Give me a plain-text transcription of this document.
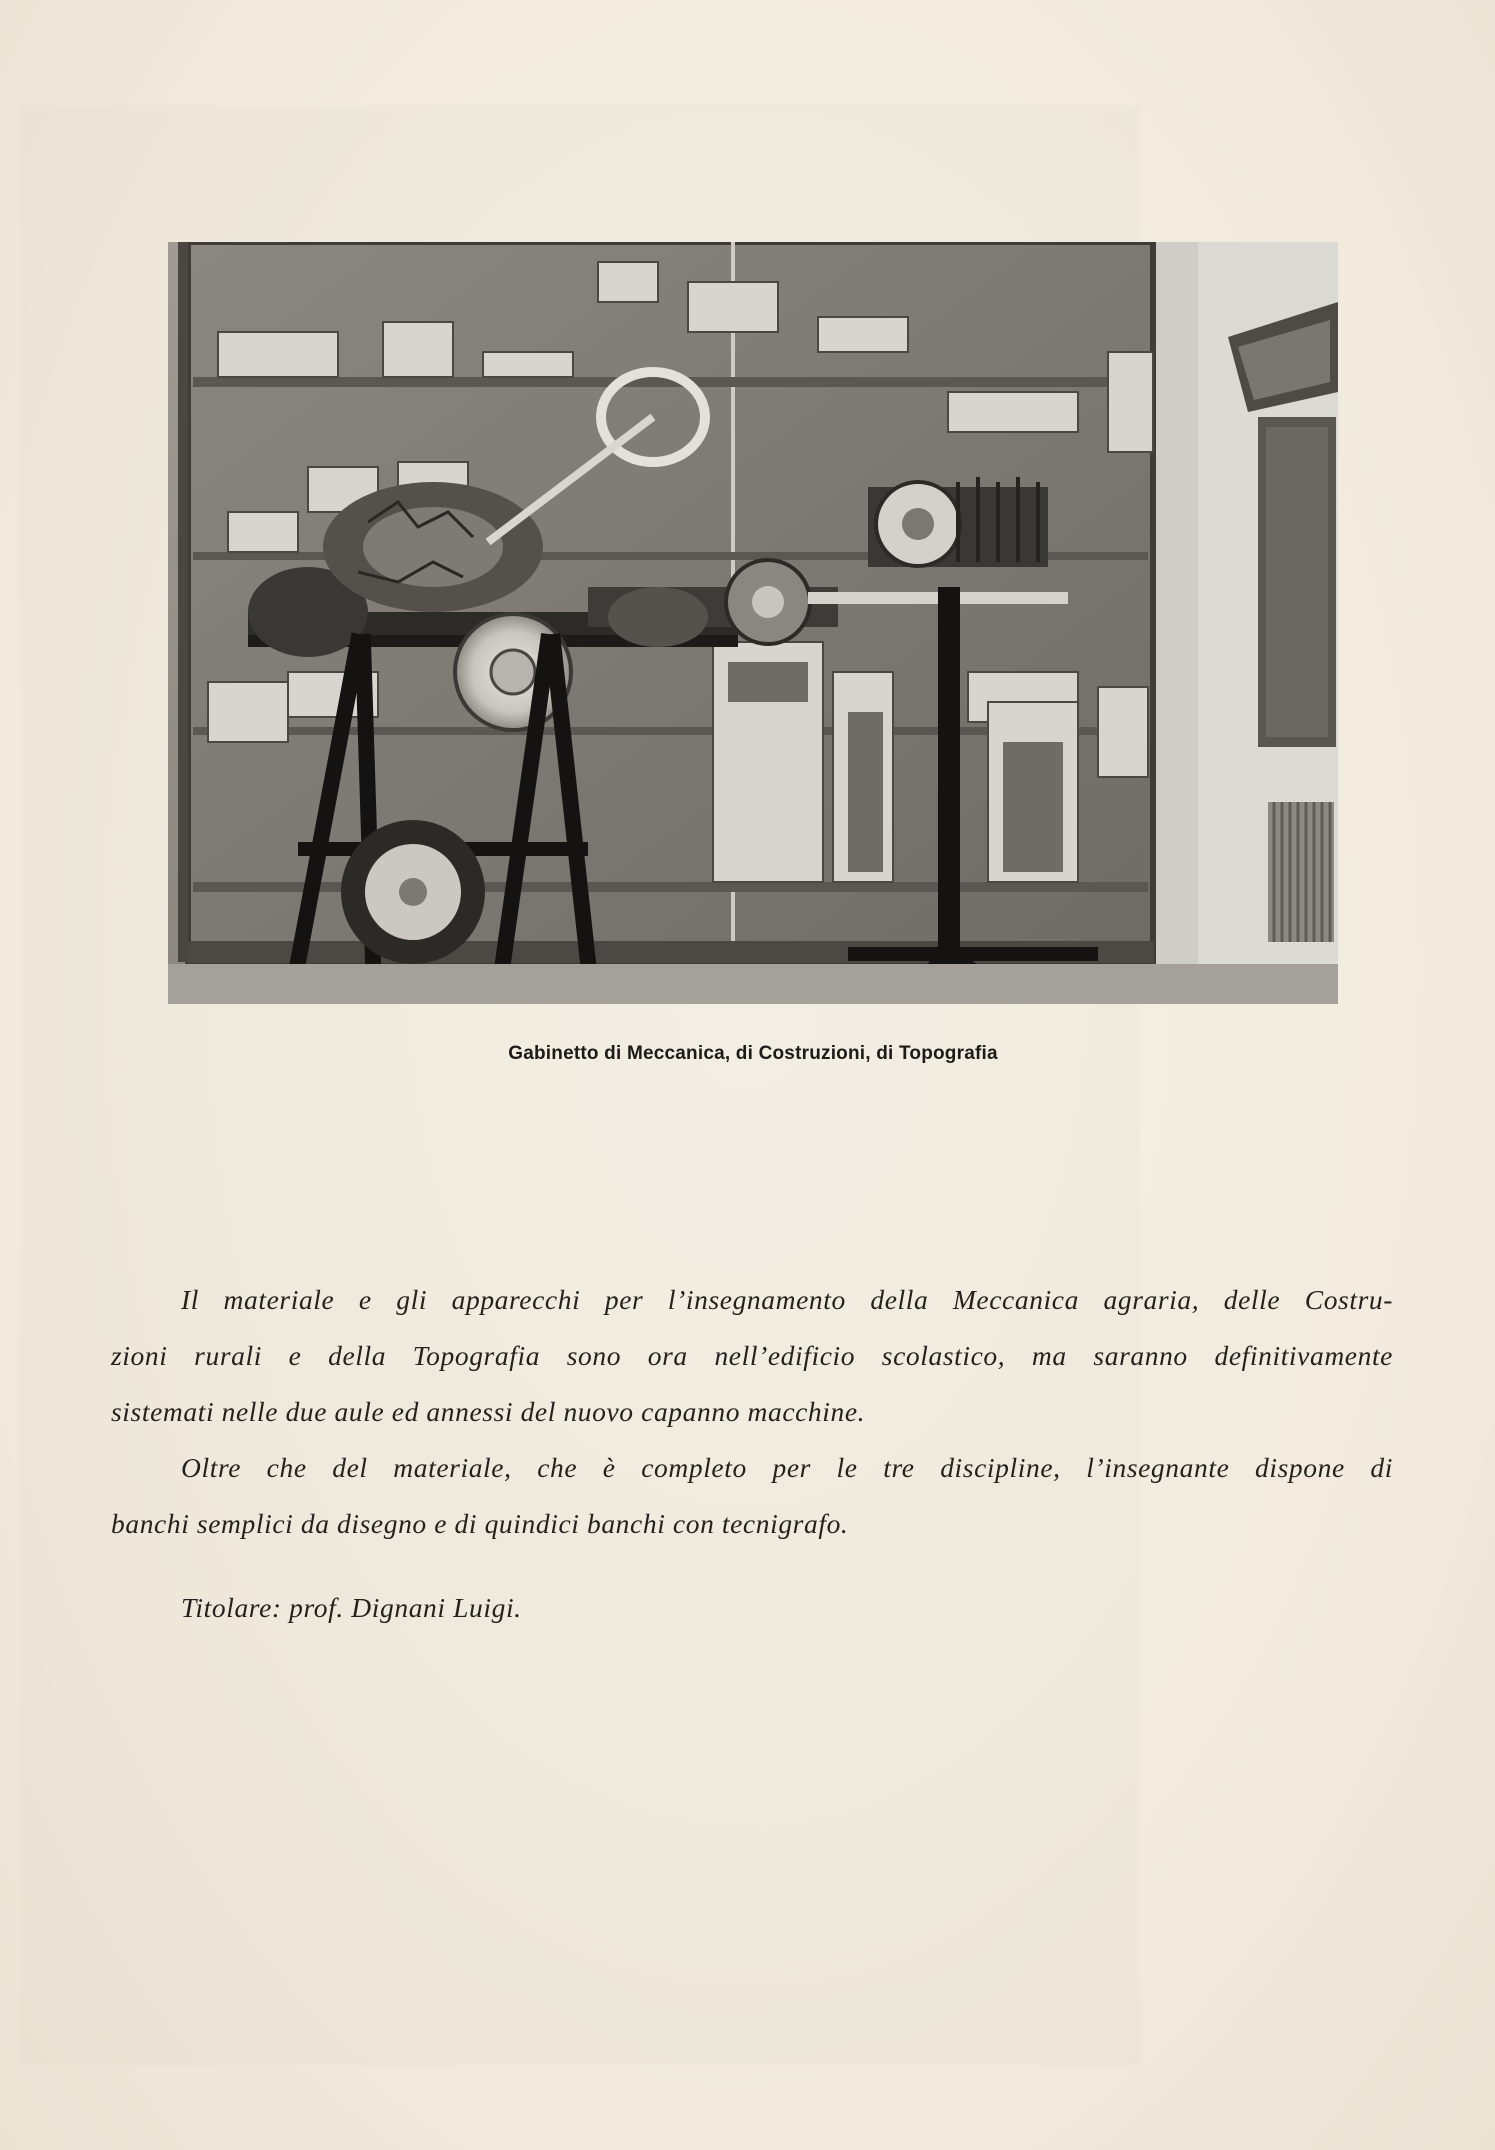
Gabinetto di Meccanica, di Costruzioni, di Topografia
Il materiale e gli apparecchi per l’insegnamento della Meccanica agraria, delle Costru-
zioni rurali e della Topografia sono ora nell’edificio scolastico, ma saranno definitivamente
sistemati nelle due aule ed annessi del nuovo capanno macchine.
Oltre che del materiale, che è completo per le tre discipline, l’insegnante dispone di
banchi semplici da disegno e di quindici banchi con tecnigrafo.
Titolare: prof. Dignani Luigi.
